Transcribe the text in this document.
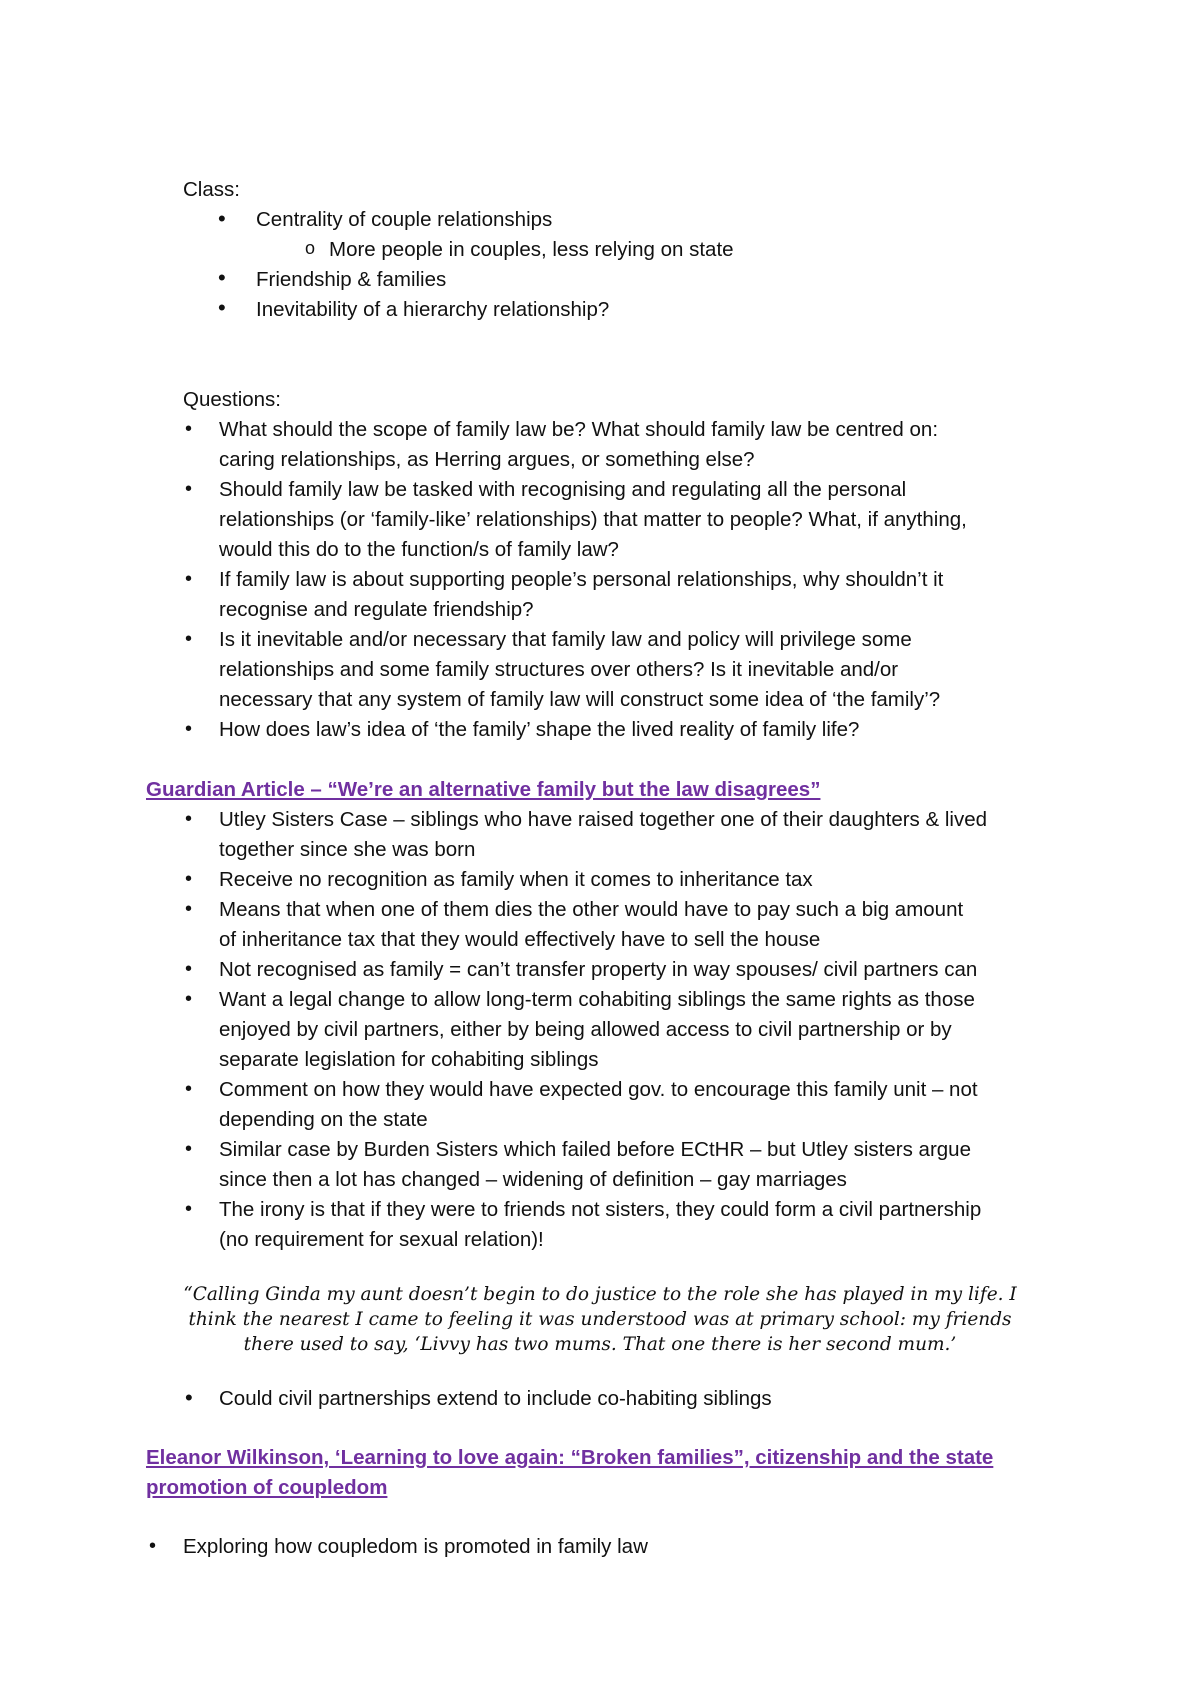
Class:
• Centrality of couple relationships
o More people in couples, less relying on state
• Friendship & families
• Inevitability of a hierarchy relationship?
Questions:
• What should the scope of family law be? What should family law be centred on:
caring relationships, as Herring argues, or something else?
• Should family law be tasked with recognising and regulating all the personal
relationships (or ‘family-like’ relationships) that matter to people? What, if anything,
would this do to the function/s of family law?
• If family law is about supporting people’s personal relationships, why shouldn’t it
recognise and regulate friendship?
• Is it inevitable and/or necessary that family law and policy will privilege some
relationships and some family structures over others? Is it inevitable and/or
necessary that any system of family law will construct some idea of ‘the family’?
• How does law’s idea of ‘the family’ shape the lived reality of family life?
Guardian Article – “We’re an alternative family but the law disagrees”
• Utley Sisters Case – siblings who have raised together one of their daughters & lived
together since she was born
• Receive no recognition as family when it comes to inheritance tax
• Means that when one of them dies the other would have to pay such a big amount
of inheritance tax that they would effectively have to sell the house
• Not recognised as family = can’t transfer property in way spouses/ civil partners can
• Want a legal change to allow long-term cohabiting siblings the same rights as those
enjoyed by civil partners, either by being allowed access to civil partnership or by
separate legislation for cohabiting siblings
• Comment on how they would have expected gov. to encourage this family unit – not
depending on the state
• Similar case by Burden Sisters which failed before ECtHR – but Utley sisters argue
since then a lot has changed – widening of definition – gay marriages
• The irony is that if they were to friends not sisters, they could form a civil partnership
(no requirement for sexual relation)!
“Calling Ginda my aunt doesn’t begin to do justice to the role she has played in my life. I
think the nearest I came to feeling it was understood was at primary school: my friends
there used to say, ‘Livvy has two mums. That one there is her second mum.’
• Could civil partnerships extend to include co-habiting siblings
Eleanor Wilkinson, ‘Learning to love again: “Broken families”, citizenship and the state
promotion of coupledom
• Exploring how coupledom is promoted in family law
